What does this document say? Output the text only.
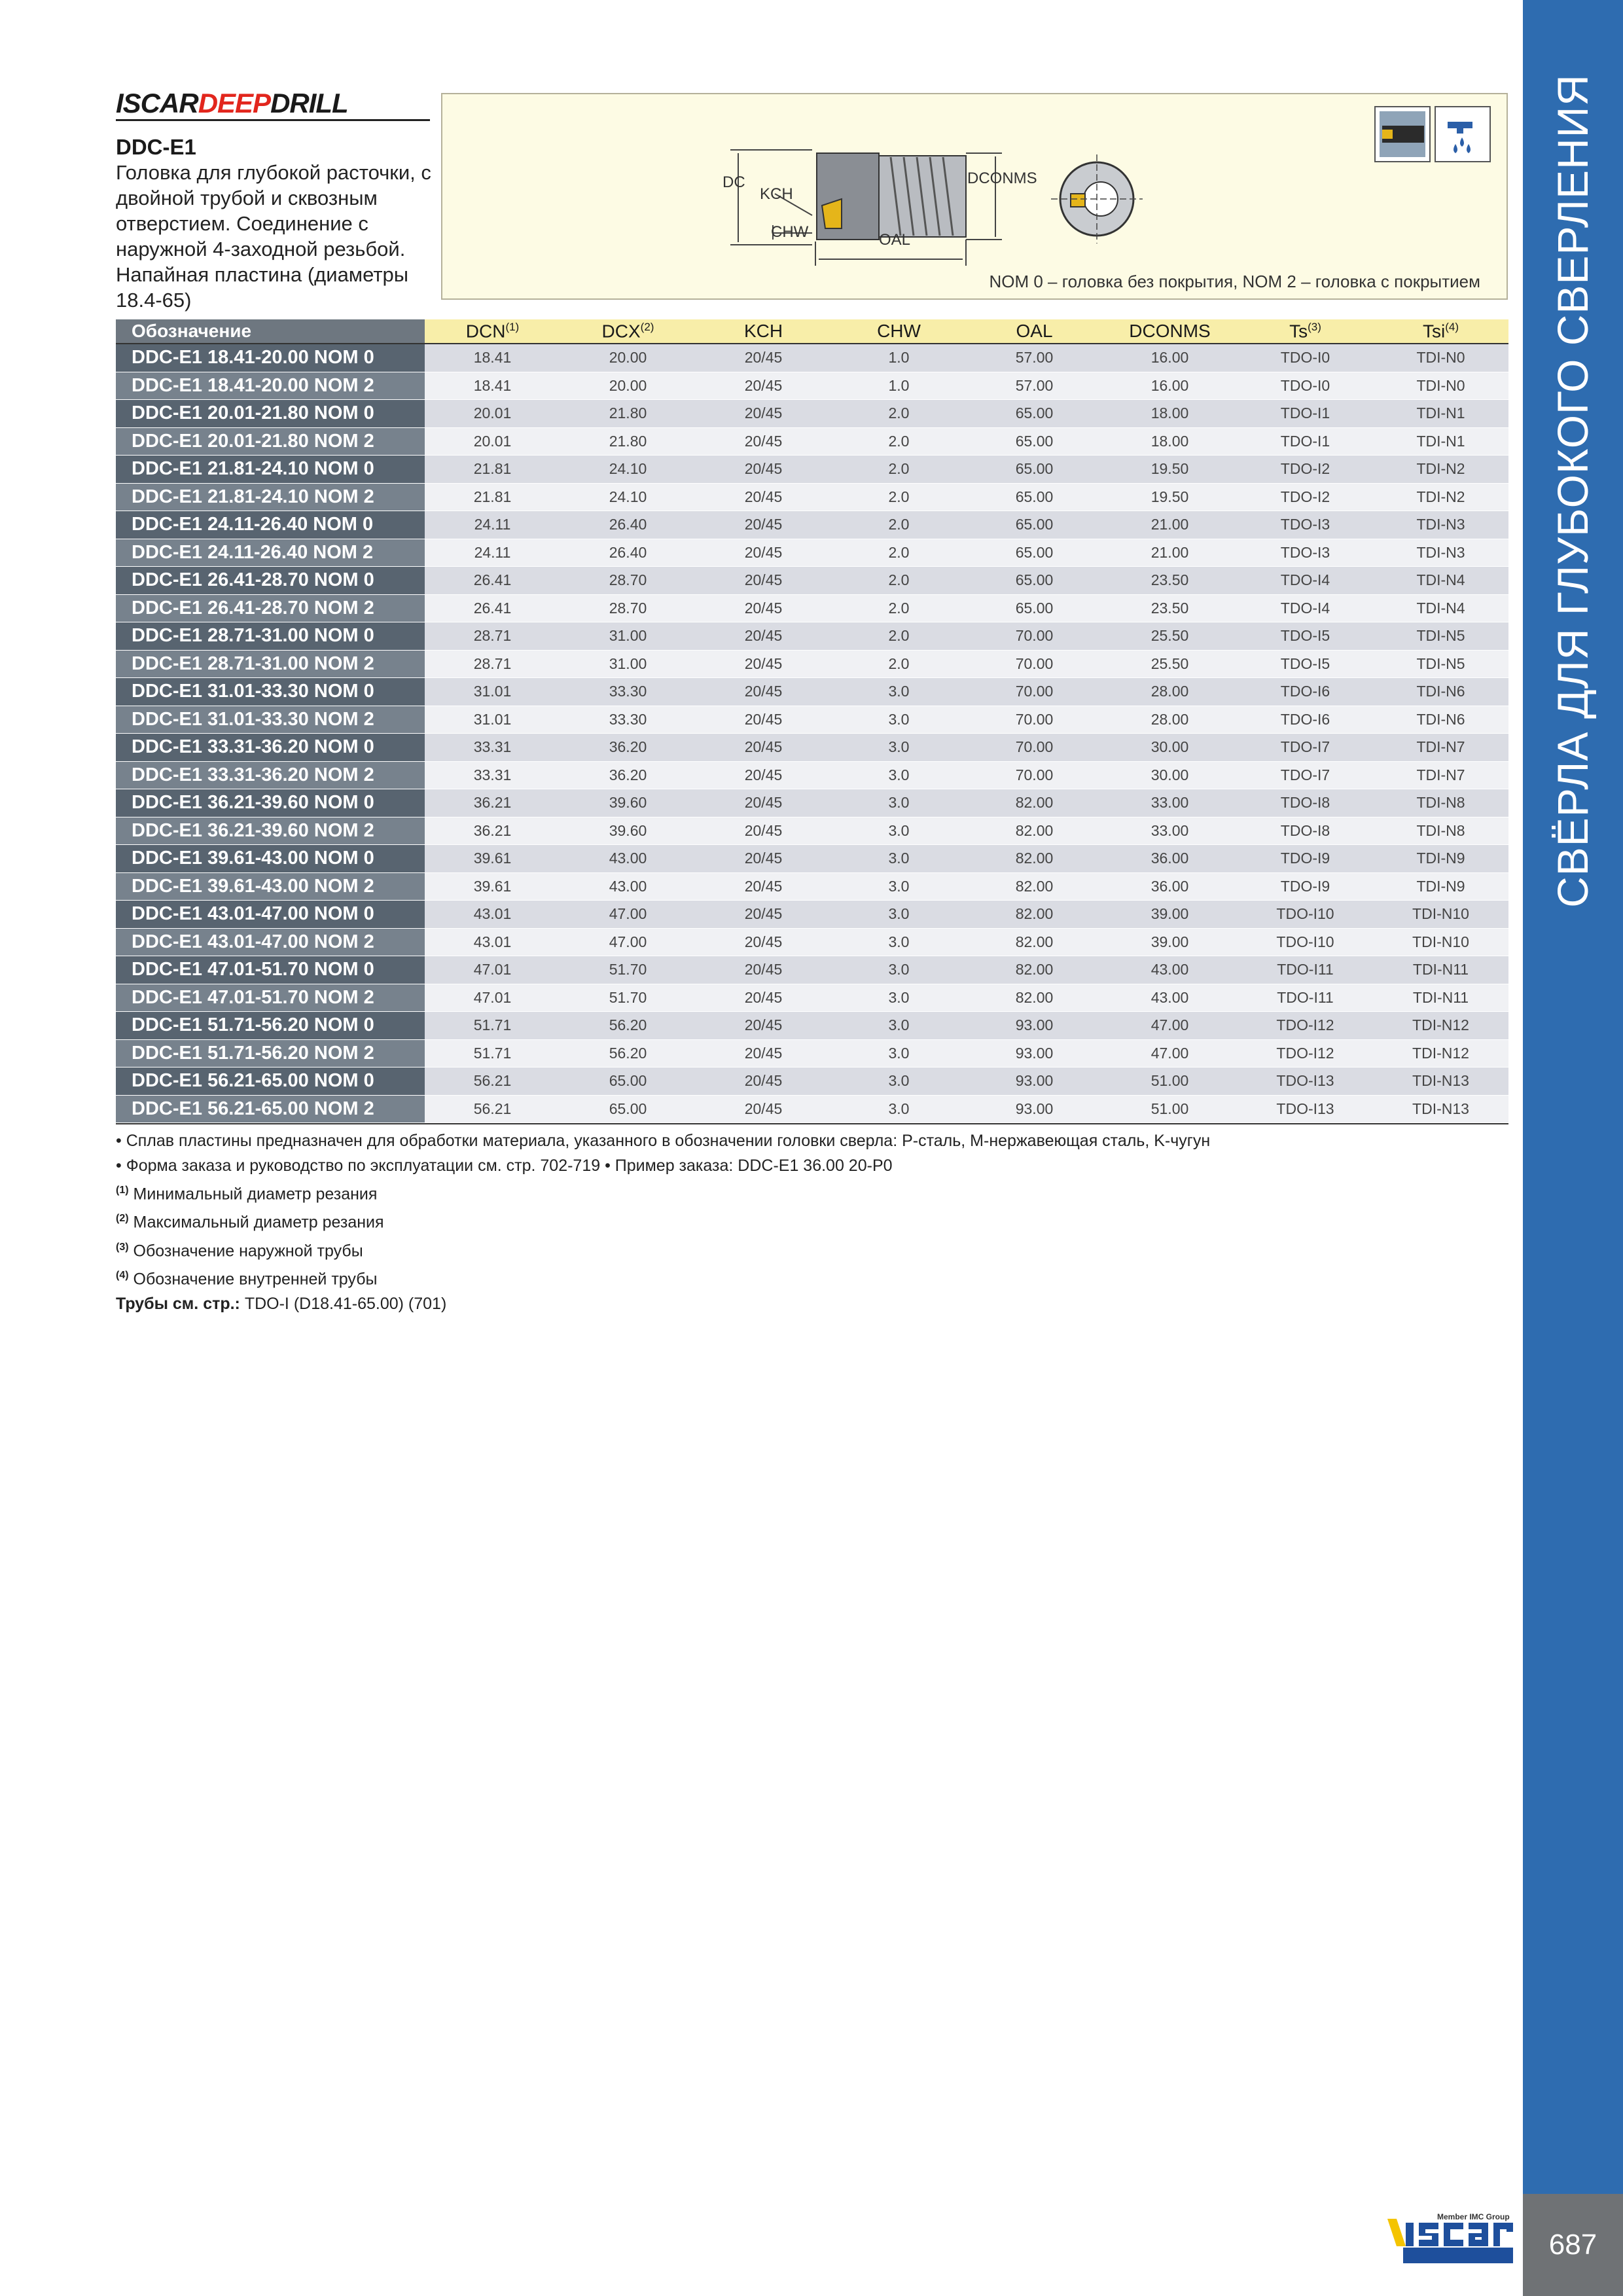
ISCARDEEPDRILL
DDC-E1
Головка для глубокой расточки, с двойной трубой и сквозным отверстием. Соединение с наружной 4-заходной резьбой. Напайная пластина (диаметры 18.4-65)
DC
KCH
CHW	OAL
DCONMS
NOM 0 – головка без покрытия, NOM 2 – головка с покрытием
Обозначение	DCN$^{(1)}$	DCX$^{(2)}$	KCH	CHW	OAL	DCONMS	Ts$^{(3)}$	Tsi$^{(4)}$
DDC-E1 18.41-20.00 NOM 0	18.41	20.00	20/45	1.0	57.00	16.00	TDO-I0	TDI-N0
DDC-E1 18.41-20.00 NOM 2	18.41	20.00	20/45	1.0	57.00	16.00	TDO-I0	TDI-N0
DDC-E1 20.01-21.80 NOM 0	20.01	21.80	20/45	2.0	65.00	18.00	TDO-I1	TDI-N1
DDC-E1 20.01-21.80 NOM 2	20.01	21.80	20/45	2.0	65.00	18.00	TDO-I1	TDI-N1
DDC-E1 21.81-24.10 NOM 0	21.81	24.10	20/45	2.0	65.00	19.50	TDO-I2	TDI-N2
DDC-E1 21.81-24.10 NOM 2	21.81	24.10	20/45	2.0	65.00	19.50	TDO-I2	TDI-N2
DDC-E1 24.11-26.40 NOM 0	24.11	26.40	20/45	2.0	65.00	21.00	TDO-I3	TDI-N3
DDC-E1 24.11-26.40 NOM 2	24.11	26.40	20/45	2.0	65.00	21.00	TDO-I3	TDI-N3
DDC-E1 26.41-28.70 NOM 0	26.41	28.70	20/45	2.0	65.00	23.50	TDO-I4	TDI-N4
DDC-E1 26.41-28.70 NOM 2	26.41	28.70	20/45	2.0	65.00	23.50	TDO-I4	TDI-N4
DDC-E1 28.71-31.00 NOM 0	28.71	31.00	20/45	2.0	70.00	25.50	TDO-I5	TDI-N5
DDC-E1 28.71-31.00 NOM 2	28.71	31.00	20/45	2.0	70.00	25.50	TDO-I5	TDI-N5
DDC-E1 31.01-33.30 NOM 0	31.01	33.30	20/45	3.0	70.00	28.00	TDO-I6	TDI-N6
DDC-E1 31.01-33.30 NOM 2	31.01	33.30	20/45	3.0	70.00	28.00	TDO-I6	TDI-N6
DDC-E1 33.31-36.20 NOM 0	33.31	36.20	20/45	3.0	70.00	30.00	TDO-I7	TDI-N7
DDC-E1 33.31-36.20 NOM 2	33.31	36.20	20/45	3.0	70.00	30.00	TDO-I7	TDI-N7
DDC-E1 36.21-39.60 NOM 0	36.21	39.60	20/45	3.0	82.00	33.00	TDO-I8	TDI-N8
DDC-E1 36.21-39.60 NOM 2	36.21	39.60	20/45	3.0	82.00	33.00	TDO-I8	TDI-N8
DDC-E1 39.61-43.00 NOM 0	39.61	43.00	20/45	3.0	82.00	36.00	TDO-I9	TDI-N9
DDC-E1 39.61-43.00 NOM 2	39.61	43.00	20/45	3.0	82.00	36.00	TDO-I9	TDI-N9
DDC-E1 43.01-47.00 NOM 0	43.01	47.00	20/45	3.0	82.00	39.00	TDO-I10	TDI-N10
DDC-E1 43.01-47.00 NOM 2	43.01	47.00	20/45	3.0	82.00	39.00	TDO-I10	TDI-N10
DDC-E1 47.01-51.70 NOM 0	47.01	51.70	20/45	3.0	82.00	43.00	TDO-I11	TDI-N11
DDC-E1 47.01-51.70 NOM 2	47.01	51.70	20/45	3.0	82.00	43.00	TDO-I11	TDI-N11
DDC-E1 51.71-56.20 NOM 0	51.71	56.20	20/45	3.0	93.00	47.00	TDO-I12	TDI-N12
DDC-E1 51.71-56.20 NOM 2	51.71	56.20	20/45	3.0	93.00	47.00	TDO-I12	TDI-N12
DDC-E1 56.21-65.00 NOM 0	56.21	65.00	20/45	3.0	93.00	51.00	TDO-I13	TDI-N13
DDC-E1 56.21-65.00 NOM 2	56.21	65.00	20/45	3.0	93.00	51.00	TDO-I13	TDI-N13
• Сплав пластины предназначен для обработки материала, указанного в обозначении головки сверла: P-сталь, M-нержавеющая сталь, K-чугун
• Форма заказа и руководство по эксплуатации см. стр. 702-719 • Пример заказа: DDC-E1 36.00 20-P0
$^{(1)}$ Минимальный диаметр резания
$^{(2)}$ Максимальный диаметр резания
$^{(3)}$ Обозначение наружной трубы
$^{(4)}$ Обозначение внутренней трубы
Трубы см. стр.: TDO-I (D18.41-65.00) (701)
СВЁРЛА ДЛЯ ГЛУБОКОГО СВЕРЛЕНИЯ
Member IMC Group
687
